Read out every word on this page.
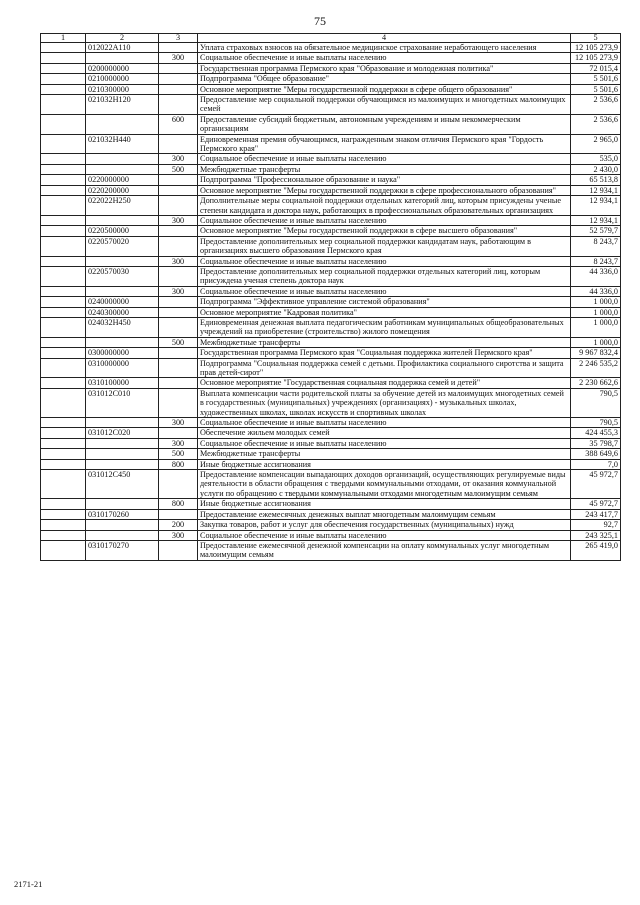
75
1	2	3	4	5
	012022A110		Уплата страховых взносов на обязательное медицинское страхование неработающего населения	12 105 273,9
		300	Социальное обеспечение и иные выплаты населению	12 105 273,9
	0200000000		Государственная программа Пермского края "Образование и молодежная политика"	72 015,4
	0210000000		Подпрограмма "Общее образование"	5 501,6
	0210300000		Основное мероприятие "Меры государственной поддержки в сфере общего образования"	5 501,6
	021032H120		Предоставление мер социальной поддержки обучающимся из малоимущих и многодетных малоимущих семей	2 536,6
		600	Предоставление субсидий бюджетным, автономным учреждениям и иным некоммерческим организациям	2 536,6
	021032H440		Единовременная премия обучающимся, награжденным знаком отличия Пермского края "Гордость Пермского края"	2 965,0
		300	Социальное обеспечение и иные выплаты населению	535,0
		500	Межбюджетные трансферты	2 430,0
	0220000000		Подпрограмма "Профессиональное образование и наука"	65 513,8
	0220200000		Основное мероприятие "Меры государственной поддержки в сфере профессионального образования"	12 934,1
	022022H250		Дополнительные меры социальной поддержки отдельных категорий лиц, которым присуждены ученые степени кандидата и доктора наук, работающих в профессиональных образовательных организациях	12 934,1
		300	Социальное обеспечение и иные выплаты населению	12 934,1
	0220500000		Основное мероприятие "Меры государственной поддержки в сфере высшего образования"	52 579,7
	0220570020		Предоставление дополнительных мер социальной поддержки кандидатам наук, работающим в организациях высшего образования Пермского края	8 243,7
		300	Социальное обеспечение и иные выплаты населению	8 243,7
	0220570030		Предоставление дополнительных мер социальной поддержки отдельных категорий лиц, которым присуждена ученая степень доктора наук	44 336,0
		300	Социальное обеспечение и иные выплаты населению	44 336,0
	0240000000		Подпрограмма "Эффективное управление системой образования"	1 000,0
	0240300000		Основное мероприятие "Кадровая политика"	1 000,0
	024032H450		Единовременная денежная выплата педагогическим работникам муниципальных общеобразовательных учреждений на приобретение (строительство) жилого помещения	1 000,0
		500	Межбюджетные трансферты	1 000,0
	0300000000		Государственная программа Пермского края "Социальная поддержка жителей Пермского края"	9 967 832,4
	0310000000		Подпрограмма "Социальная поддержка семей с детьми. Профилактика социального сиротства и защита прав детей-сирот"	2 246 535,2
	0310100000		Основное мероприятие "Государственная социальная поддержка семей и детей"	2 230 662,6
	031012C010		Выплата компенсации части родительской платы за обучение детей из малоимущих многодетных семей в государственных (муниципальных) учреждениях (организациях) - музыкальных школах, художественных школах, школах искусств и спортивных школах	790,5
		300	Социальное обеспечение и иные выплаты населению	790,5
	031012C020		Обеспечение жильем молодых семей	424 455,3
		300	Социальное обеспечение и иные выплаты населению	35 798,7
		500	Межбюджетные трансферты	388 649,6
		800	Иные бюджетные ассигнования	7,0
	031012C450		Предоставление компенсации выпадающих доходов организаций, осуществляющих регулируемые виды деятельности в области обращения с твердыми коммунальными отходами, от оказания коммунальной услуги по обращению с твердыми коммунальными отходами многодетным малоимущим семьям	45 972,7
		800	Иные бюджетные ассигнования	45 972,7
	0310170260		Предоставление ежемесячных денежных выплат многодетным малоимущим семьям	243 417,7
		200	Закупка товаров, работ и услуг для обеспечения государственных (муниципальных) нужд	92,7
		300	Социальное обеспечение и иные выплаты населению	243 325,1
	0310170270		Предоставление ежемесячной денежной компенсации на оплату коммунальных услуг многодетным малоимущим семьям	265 419,0
2171-21
